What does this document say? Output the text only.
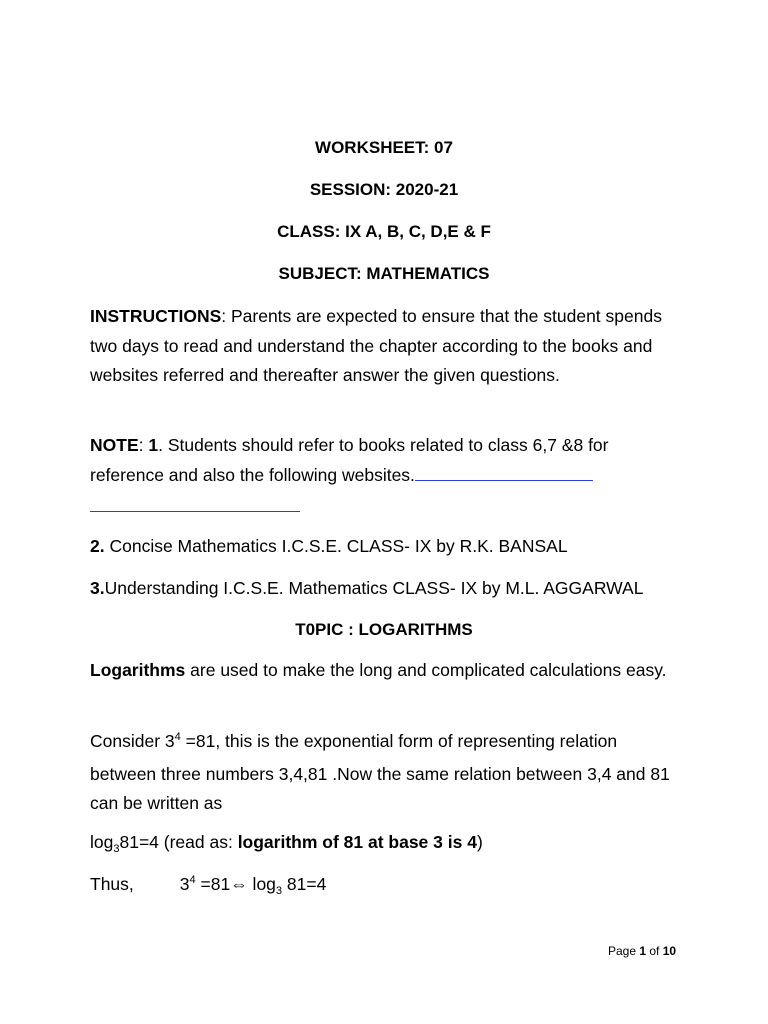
WORKSHEET: 07
SESSION: 2020-21
CLASS: IX A, B, C, D,E & F
SUBJECT: MATHEMATICS
INSTRUCTIONS: Parents are expected to ensure that the student spends two days to read and understand the chapter according to the books and websites referred and thereafter answer the given questions.
NOTE: 1. Students should refer to books related to class 6,7 &8 for reference and also the following websites.
2. Concise Mathematics I.C.S.E. CLASS- IX by R.K. BANSAL
3.Understanding I.C.S.E. Mathematics CLASS- IX by M.L. AGGARWAL
T0PIC : LOGARITHMS
Logarithms are used to make the long and complicated calculations easy.
Consider $3^4 =81$, this is the exponential form of representing relation between three numbers 3,4,81 .Now the same relation between 3,4 and 81 can be written as
$\log_381=4$ (read as: logarithm of 81 at base 3 is 4)
Thus,	$3^4$ =81⇔ $\log_3 81=4$
Page 1 of 10
